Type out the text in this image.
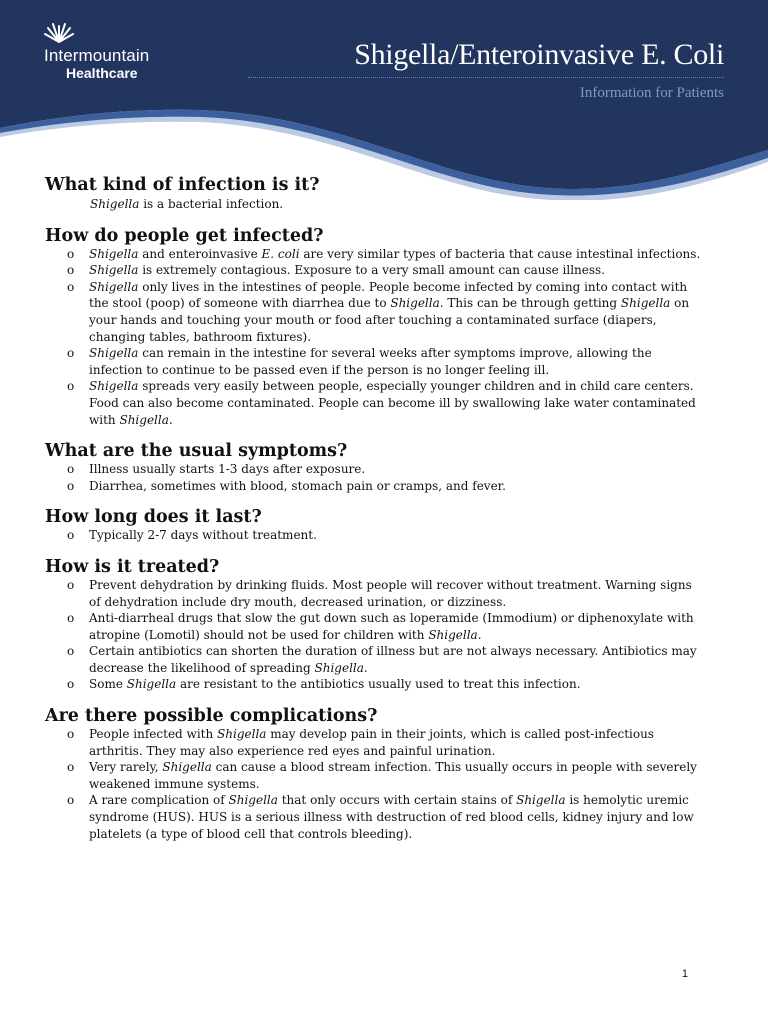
Intermountain
Healthcare
Shigella/Enteroinvasive E. Coli
Information for Patients
What kind of infection is it?

Shigella is a bacterial infection.

How do people get infected?
o Shigella and enteroinvasive E. coli are very similar types of bacteria that cause intestinal infections.
o Shigella is extremely contagious. Exposure to a very small amount can cause illness.
o Shigella only lives in the intestines of people. People become infected by coming into contact with the stool (poop) of someone with diarrhea due to Shigella. This can be through getting Shigella on your hands and touching your mouth or food after touching a contaminated surface (diapers, changing tables, bathroom fixtures).
o Shigella can remain in the intestine for several weeks after symptoms improve, allowing the infection to continue to be passed even if the person is no longer feeling ill.
o Shigella spreads very easily between people, especially younger children and in child care centers. Food can also become contaminated. People can become ill by swallowing lake water contaminated with Shigella.
What are the usual symptoms?
o Illness usually starts 1-3 days after exposure.
o Diarrhea, sometimes with blood, stomach pain or cramps, and fever.
How long does it last?
o Typically 2-7 days without treatment.
How is it treated?
o Prevent dehydration by drinking fluids. Most people will recover without treatment. Warning signs of dehydration include dry mouth, decreased urination, or dizziness.
o Anti-diarrheal drugs that slow the gut down such as loperamide (Immodium) or diphenoxylate with atropine (Lomotil) should not be used for children with Shigella.
o Certain antibiotics can shorten the duration of illness but are not always necessary. Antibiotics may decrease the likelihood of spreading Shigella.
o Some Shigella are resistant to the antibiotics usually used to treat this infection.
Are there possible complications?
o People infected with Shigella may develop pain in their joints, which is called post-infectious arthritis. They may also experience red eyes and painful urination.
o Very rarely, Shigella can cause a blood stream infection. This usually occurs in people with severely weakened immune systems.
o A rare complication of Shigella that only occurs with certain stains of Shigella is hemolytic uremic syndrome (HUS). HUS is a serious illness with destruction of red blood cells, kidney injury and low platelets (a type of blood cell that controls bleeding).
1
